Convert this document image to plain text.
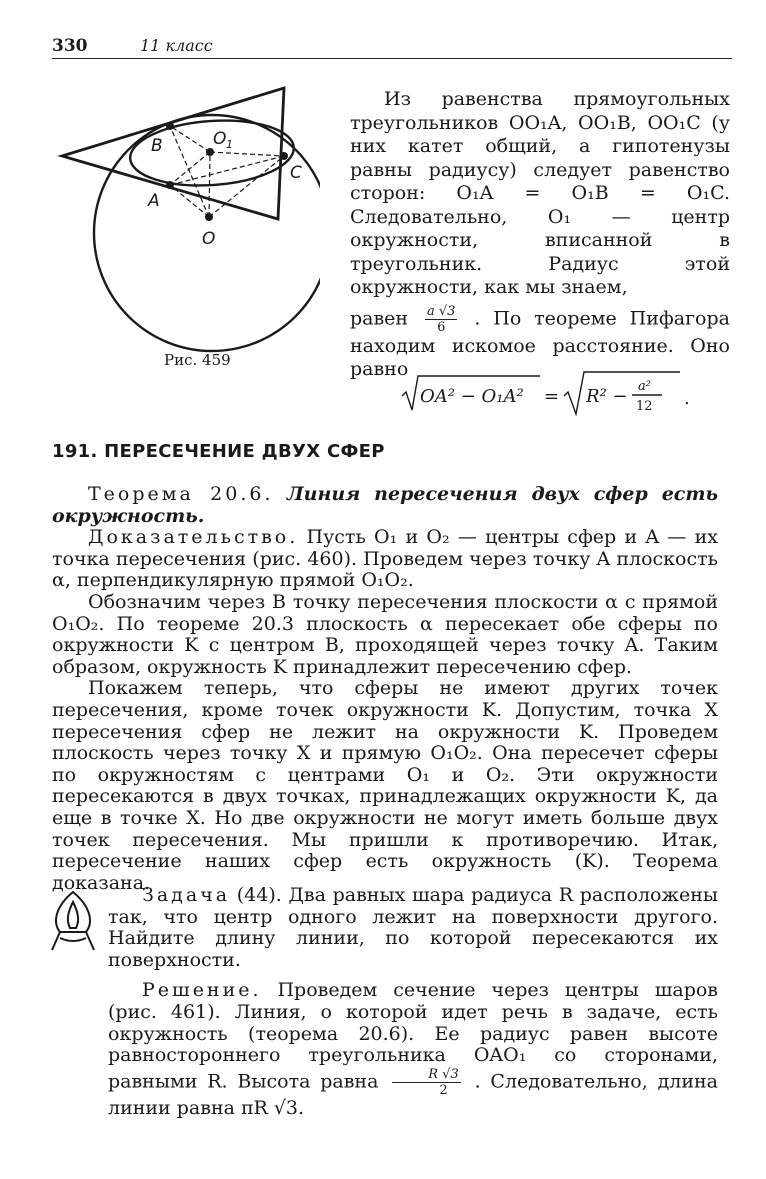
330	11 класс
B	O 1
C
A
O
Рис. 459

Из равенства прямоугольных треугольников OO₁A, OO₁B, OO₁C (у них катет общий, а гипотенузы равны радиусу) следует равенство сторон: O₁A = O₁B = O₁C. Следовательно, O₁ — центр окружности, вписанной в треугольник. Радиус этой окружности, как мы знаем,

равен $\frac{a √3}{6}$ . По теореме Пифагора находим искомое расстояние. Оно равно

OA² − O₁A² = R² − a²
12 .
191. ПЕРЕСЕЧЕНИЕ ДВУХ СФЕР

Теорема 20.6. Линия пересечения двух сфер есть окружность.

Доказательство. Пусть O₁ и O₂ — центры сфер и A — их точка пересечения (рис. 460). Проведем через точку A плоскость α, перпендикулярную прямой O₁O₂.

Обозначим через B точку пересечения плоскости α с прямой O₁O₂. По теореме 20.3 плоскость α пересекает обе сферы по окружности K с центром B, проходящей через точку A. Таким образом, окружность K принадлежит пересечению сфер.

Покажем теперь, что сферы не имеют других точек пересечения, кроме точек окружности K. Допустим, точка X пересечения сфер не лежит на окружности K. Проведем плоскость через точку X и прямую O₁O₂. Она пересечет сферы по окружностям с центрами O₁ и O₂. Эти окружности пересекаются в двух точках, принадлежащих окружности K, да еще в точке X. Но две окружности не могут иметь больше двух точек пересечения. Мы пришли к противоречию. Итак, пересечение наших сфер есть окружность (K). Теорема доказана.

Задача (44). Два равных шара радиуса R расположены так, что центр одного лежит на поверхности другого. Найдите длину линии, по которой пересекаются их поверхности.

Решение. Проведем сечение через центры шаров (рис. 461). Линия, о которой идет речь в задаче, есть окружность (теорема 20.6). Ее радиус равен высоте равностороннего треугольника OAO₁ со сторонами, равными R. Высота равна $\frac{R √3}{2}$ . Следовательно, длина линии равна πR √3.
